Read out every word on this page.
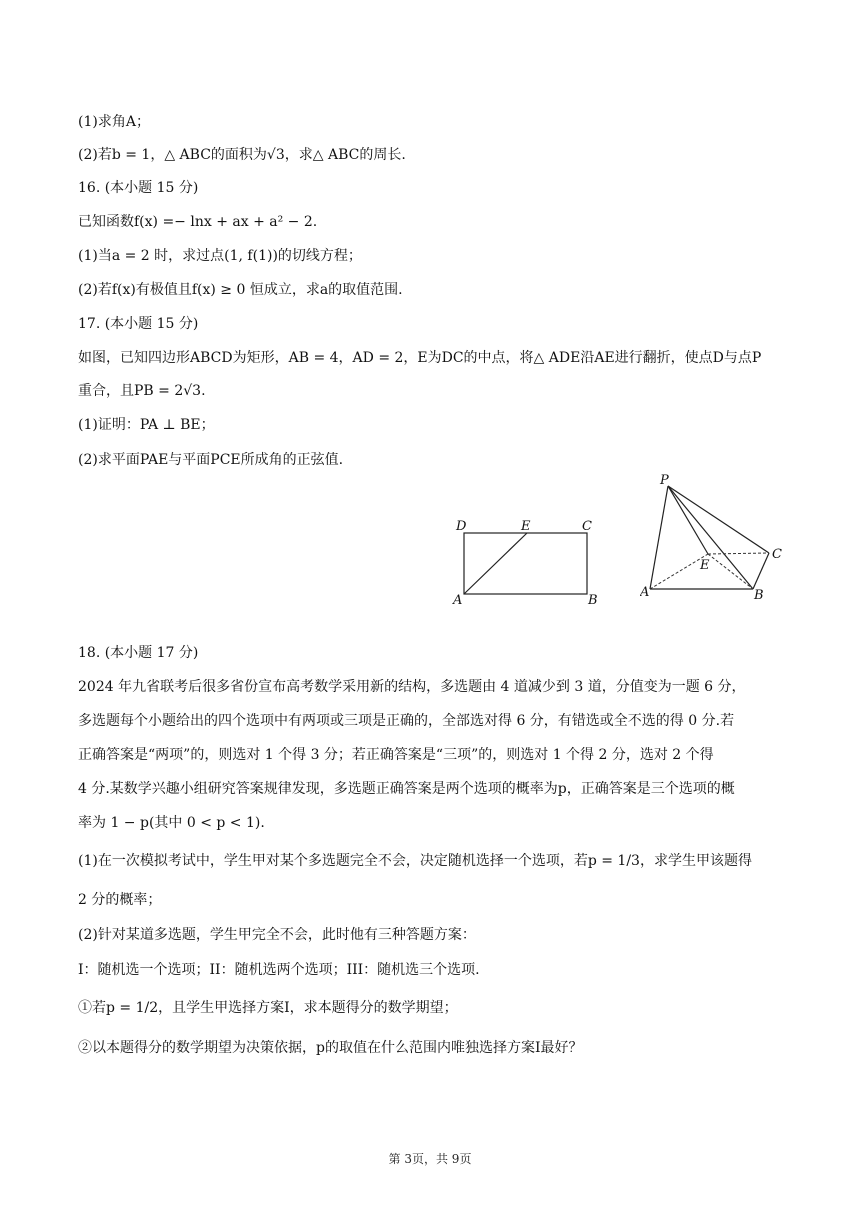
(1)求角A；
(2)若b = 1，△ ABC的面积为√3，求△ ABC的周长.
16. (本小题 15 分)
已知函数f(x) =− lnx + ax + a² − 2.
(1)当a = 2 时，求过点(1, f(1))的切线方程；
(2)若f(x)有极值且f(x) ≥ 0 恒成立，求a的取值范围.
17. (本小题 15 分)
如图，已知四边形ABCD为矩形，AB = 4，AD = 2，E为DC的中点，将△ ADE沿AE进行翻折，使点D与点P
重合，且PB = 2√3.
(1)证明：PA ⊥ BE；
(2)求平面PAE与平面PCE所成角的正弦值.
D	E	C
A	B
P
A	B
C
E
18. (本小题 17 分)
2024 年九省联考后很多省份宣布高考数学采用新的结构，多选题由 4 道减少到 3 道，分值变为一题 6 分，
多选题每个小题给出的四个选项中有两项或三项是正确的，全部选对得 6 分，有错选或全不选的得 0 分.若
正确答案是“两项”的，则选对 1 个得 3 分；若正确答案是“三项”的，则选对 1 个得 2 分，选对 2 个得
4 分.某数学兴趣小组研究答案规律发现，多选题正确答案是两个选项的概率为p，正确答案是三个选项的概
率为 1 − p(其中 0 < p < 1).
(1)在一次模拟考试中，学生甲对某个多选题完全不会，决定随机选择一个选项，若p = 1/3，求学生甲该题得
2 分的概率；
(2)针对某道多选题，学生甲完全不会，此时他有三种答题方案：
I：随机选一个选项；II：随机选两个选项；III：随机选三个选项.
①若p = 1/2，且学生甲选择方案I，求本题得分的数学期望；
②以本题得分的数学期望为决策依据，p的取值在什么范围内唯独选择方案I最好？
第 3页，共 9页
